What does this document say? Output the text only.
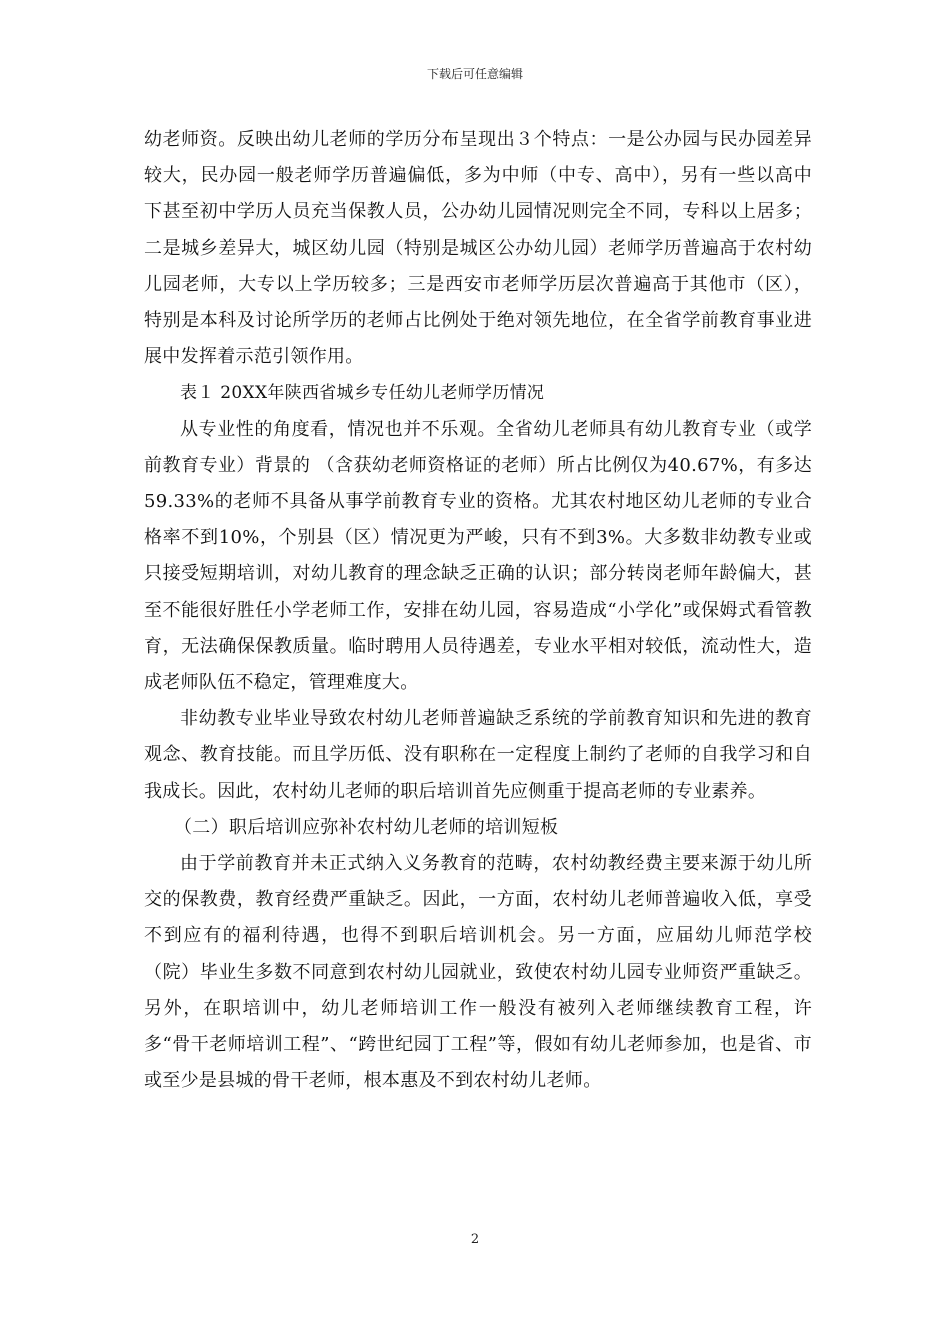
下载后可任意编辑

幼老师资。反映出幼儿老师的学历分布呈现出３个特点：一是公办园与民办园差异较大，民办园一般老师学历普遍偏低，多为中师（中专、高中），另有一些以高中下甚至初中学历人员充当保教人员，公办幼儿园情况则完全不同，专科以上居多；二是城乡差异大，城区幼儿园（特别是城区公办幼儿园）老师学历普遍高于农村幼儿园老师，大专以上学历较多；三是西安市老师学历层次普遍高于其他市（区），特别是本科及讨论所学历的老师占比例处于绝对领先地位，在全省学前教育事业进展中发挥着示范引领作用。

表１ 20XX年陕西省城乡专任幼儿老师学历情况

从专业性的角度看，情况也并不乐观。全省幼儿老师具有幼儿教育专业（或学前教育专业）背景的 （含获幼老师资格证的老师）所占比例仅为40.67%，有多达59.33%的老师不具备从事学前教育专业的资格。尤其农村地区幼儿老师的专业合格率不到10%，个别县（区）情况更为严峻，只有不到3%。大多数非幼教专业或只接受短期培训，对幼儿教育的理念缺乏正确的认识；部分转岗老师年龄偏大，甚至不能很好胜任小学老师工作，安排在幼儿园，容易造成“小学化”或保姆式看管教育，无法确保保教质量。临时聘用人员待遇差，专业水平相对较低，流动性大，造成老师队伍不稳定，管理难度大。

非幼教专业毕业导致农村幼儿老师普遍缺乏系统的学前教育知识和先进的教育观念、教育技能。而且学历低、没有职称在一定程度上制约了老师的自我学习和自我成长。因此，农村幼儿老师的职后培训首先应侧重于提高老师的专业素养。

（二）职后培训应弥补农村幼儿老师的培训短板

由于学前教育并未正式纳入义务教育的范畴，农村幼教经费主要来源于幼儿所交的保教费，教育经费严重缺乏。因此，一方面，农村幼儿老师普遍收入低，享受不到应有的福利待遇，也得不到职后培训机会。另一方面，应届幼儿师范学校（院）毕业生多数不同意到农村幼儿园就业，致使农村幼儿园专业师资严重缺乏。另外，在职培训中，幼儿老师培训工作一般没有被列入老师继续教育工程，许多“骨干老师培训工程”、“跨世纪园丁工程”等，假如有幼儿老师参加，也是省、市或至少是县城的骨干老师，根本惠及不到农村幼儿老师。

2
